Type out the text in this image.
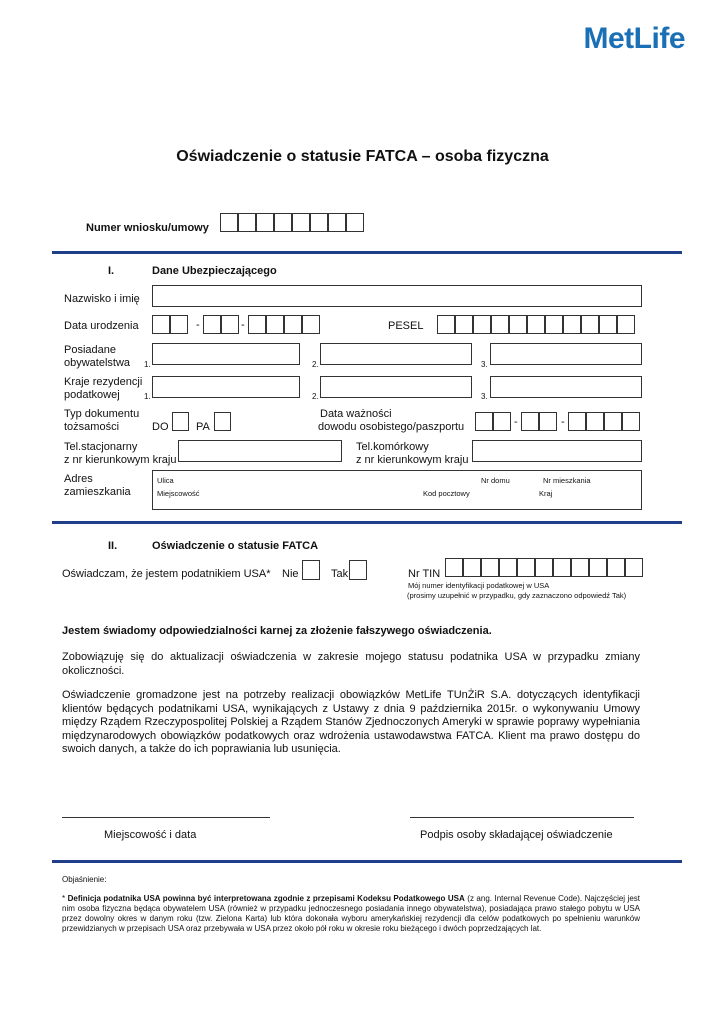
MetLife
Oświadczenie o statusie FATCA – osoba fizyczna
Numer wniosku/umowy
I.	Dane Ubezpieczającego
Nazwisko i imię
Data urodzenia	-	-	PESEL
Posiadane
obywatelstwa 1.	2.	3.
Kraje rezydencji
podatkowej	1.	2.	3.
Typ dokumentu
tożsamości	DO	PA
Data ważności
dowodu osobistego/paszportu	-	-
Tel.stacjonarny
z nr kierunkowym kraju
Tel.komórkowy
z nr kierunkowym kraju
Adres
zamieszkania
Ulica	Nr domu	Nr mieszkania
Miejscowość	Kod pocztowy	Kraj
II.	Oświadczenie o statusie FATCA
Oświadczam, że jestem podatnikiem USA* Nie	Tak	Nr TIN
Mój numer identyfikacji podatkowej w USA
(prosimy uzupełnić w przypadku, gdy zaznaczono odpowiedź Tak)
Jestem świadomy odpowiedzialności karnej za złożenie fałszywego oświadczenia.
Zobowiązuję się do aktualizacji oświadczenia w zakresie mojego statusu podatnika USA w przypadku zmiany okoliczności.
Oświadczenie gromadzone jest na potrzeby realizacji obowiązków MetLife TUnŻiR S.A. dotyczących identyfikacji klientów będących podatnikami USA, wynikających z Ustawy z dnia 9 października 2015r. o wykonywaniu Umowy między Rządem Rzeczypospolitej Polskiej a Rządem Stanów Zjednoczonych Ameryki w sprawie poprawy wypełniania międzynarodowych obowiązków podatkowych oraz wdrożenia ustawodawstwa FATCA. Klient ma prawo dostępu do swoich danych, a także do ich poprawiania lub usunięcia.
Miejscowość i data	Podpis osoby składającej oświadczenie
Objaśnienie:
* Definicja podatnika USA powinna być interpretowana zgodnie z przepisami Kodeksu Podatkowego USA (z ang. Internal Revenue Code). Najczęściej jest nim osoba fizyczna będąca obywatelem USA (również w przypadku jednoczesnego posiadania innego obywatelstwa), posiadająca prawo stałego pobytu w USA przez dowolny okres w danym roku (tzw. Zielona Karta) lub która dokonała wyboru amerykańskiej rezydencji dla celów podatkowych po spełnieniu warunków przewidzianych w przepisach USA oraz przebywała w USA przez około pół roku w okresie roku bieżącego i dwóch poprzedzających lat.
